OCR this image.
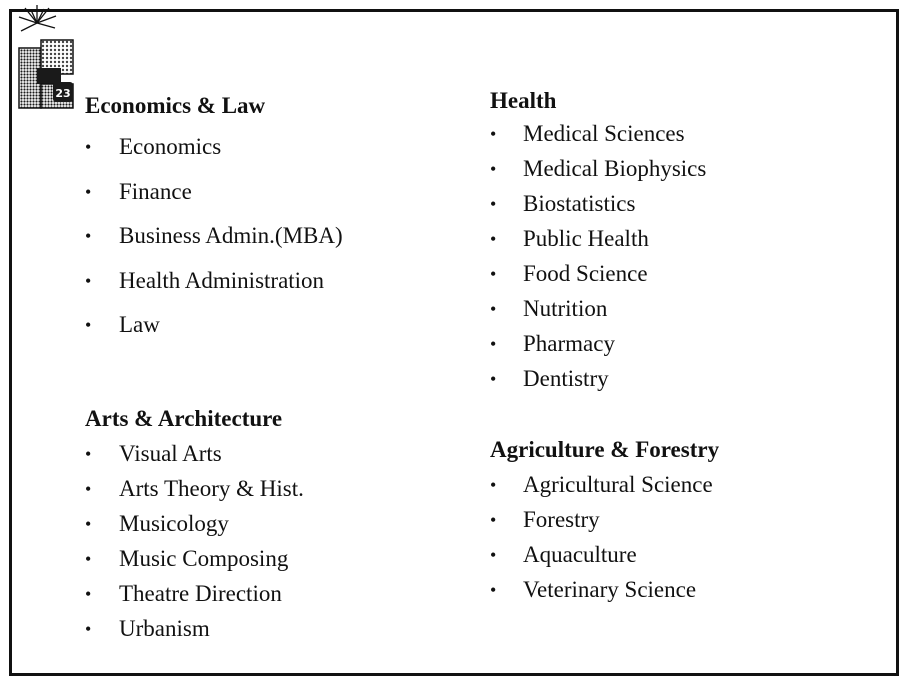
23 Economics & Law
• Economics
• Finance
• Business Admin.(MBA)
• Health Administration
• Law
Arts & Architecture
• Visual Arts
• Arts Theory & Hist.
• Musicology
• Music Composing
• Theatre Direction
• Urbanism
Health
• Medical Sciences
• Medical Biophysics
• Biostatistics
• Public Health
• Food Science
• Nutrition
• Pharmacy
• Dentistry
Agriculture & Forestry
• Agricultural Science
• Forestry
• Aquaculture
• Veterinary Science
